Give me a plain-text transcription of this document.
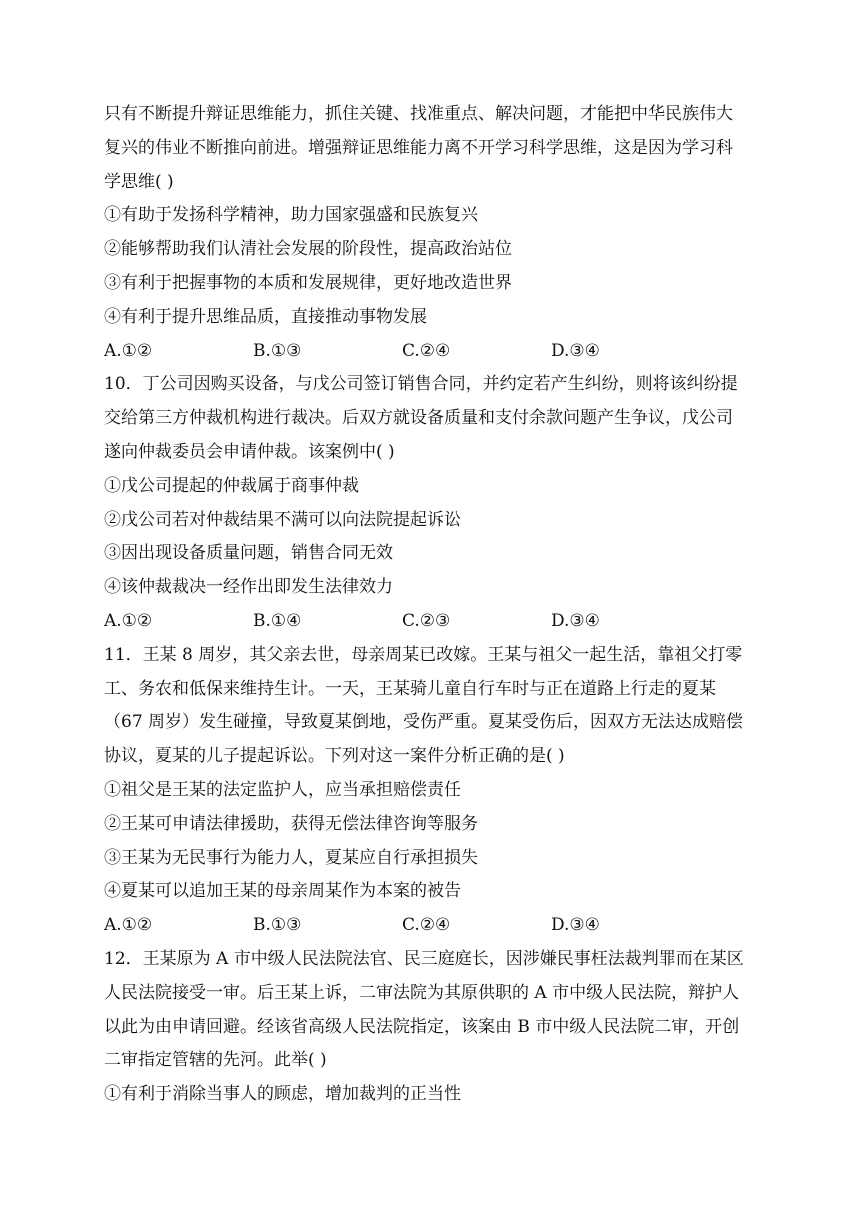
只有不断提升辩证思维能力，抓住关键、找准重点、解决问题，才能把中华民族伟大
复兴的伟业不断推向前进。增强辩证思维能力离不开学习科学思维，这是因为学习科
学思维( )
①有助于发扬科学精神，助力国家强盛和民族复兴
②能够帮助我们认清社会发展的阶段性，提高政治站位
③有利于把握事物的本质和发展规律，更好地改造世界
④有利于提升思维品质，直接推动事物发展
A.①②	B.①③	C.②④	D.③④
10．丁公司因购买设备，与戊公司签订销售合同，并约定若产生纠纷，则将该纠纷提
交给第三方仲裁机构进行裁决。后双方就设备质量和支付余款问题产生争议，戊公司
遂向仲裁委员会申请仲裁。该案例中( )
①戊公司提起的仲裁属于商事仲裁
②戊公司若对仲裁结果不满可以向法院提起诉讼
③因出现设备质量问题，销售合同无效
④该仲裁裁决一经作出即发生法律效力
A.①②	B.①④	C.②③	D.③④
11．王某 8 周岁，其父亲去世，母亲周某已改嫁。王某与祖父一起生活，靠祖父打零
工、务农和低保来维持生计。一天，王某骑儿童自行车时与正在道路上行走的夏某
（67 周岁）发生碰撞，导致夏某倒地，受伤严重。夏某受伤后，因双方无法达成赔偿
协议，夏某的儿子提起诉讼。下列对这一案件分析正确的是( )
①祖父是王某的法定监护人，应当承担赔偿责任
②王某可申请法律援助，获得无偿法律咨询等服务
③王某为无民事行为能力人，夏某应自行承担损失
④夏某可以追加王某的母亲周某作为本案的被告
A.①②	B.①③	C.②④	D.③④
12．王某原为 A 市中级人民法院法官、民三庭庭长，因涉嫌民事枉法裁判罪而在某区
人民法院接受一审。后王某上诉，二审法院为其原供职的 A 市中级人民法院，辩护人
以此为由申请回避。经该省高级人民法院指定，该案由 B 市中级人民法院二审，开创
二审指定管辖的先河。此举( )
①有利于消除当事人的顾虑，增加裁判的正当性
